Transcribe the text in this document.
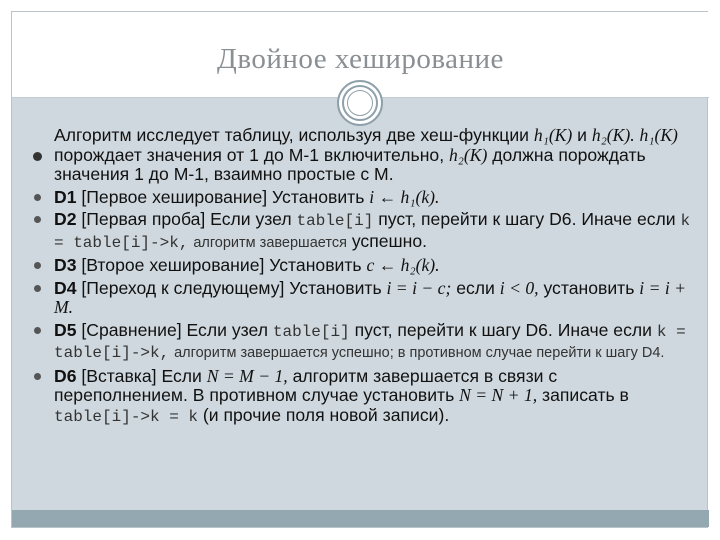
Двойное хеширование
Алгоритм исследует таблицу, используя две хеш-функции h₁(K) и h₂(K). h₁(K) порождает значения от 1 до M-1 включительно, h₂(K) должна порождать значения 1 до M-1, взаимно простые с M.
D1 [Первое хеширование] Установить i ← h₁(k).
D2 [Первая проба] Если узел table[i] пуст, перейти к шагу D6. Иначе если k = table[i]->k, алгоритм завершается успешно.
D3 [Второе хеширование] Установить c ← h₂(k).
D4 [Переход к следующему] Установить i = i − c; если i < 0, установить i = i + M.
D5 [Сравнение] Если узел table[i] пуст, перейти к шагу D6. Иначе если k = table[i]->k, алгоритм завершается успешно; в противном случае перейти к шагу D4.
D6 [Вставка] Если N = M − 1, алгоритм завершается в связи с переполнением. В противном случае установить N = N + 1, записать в table[i]->k = k (и прочие поля новой записи).
